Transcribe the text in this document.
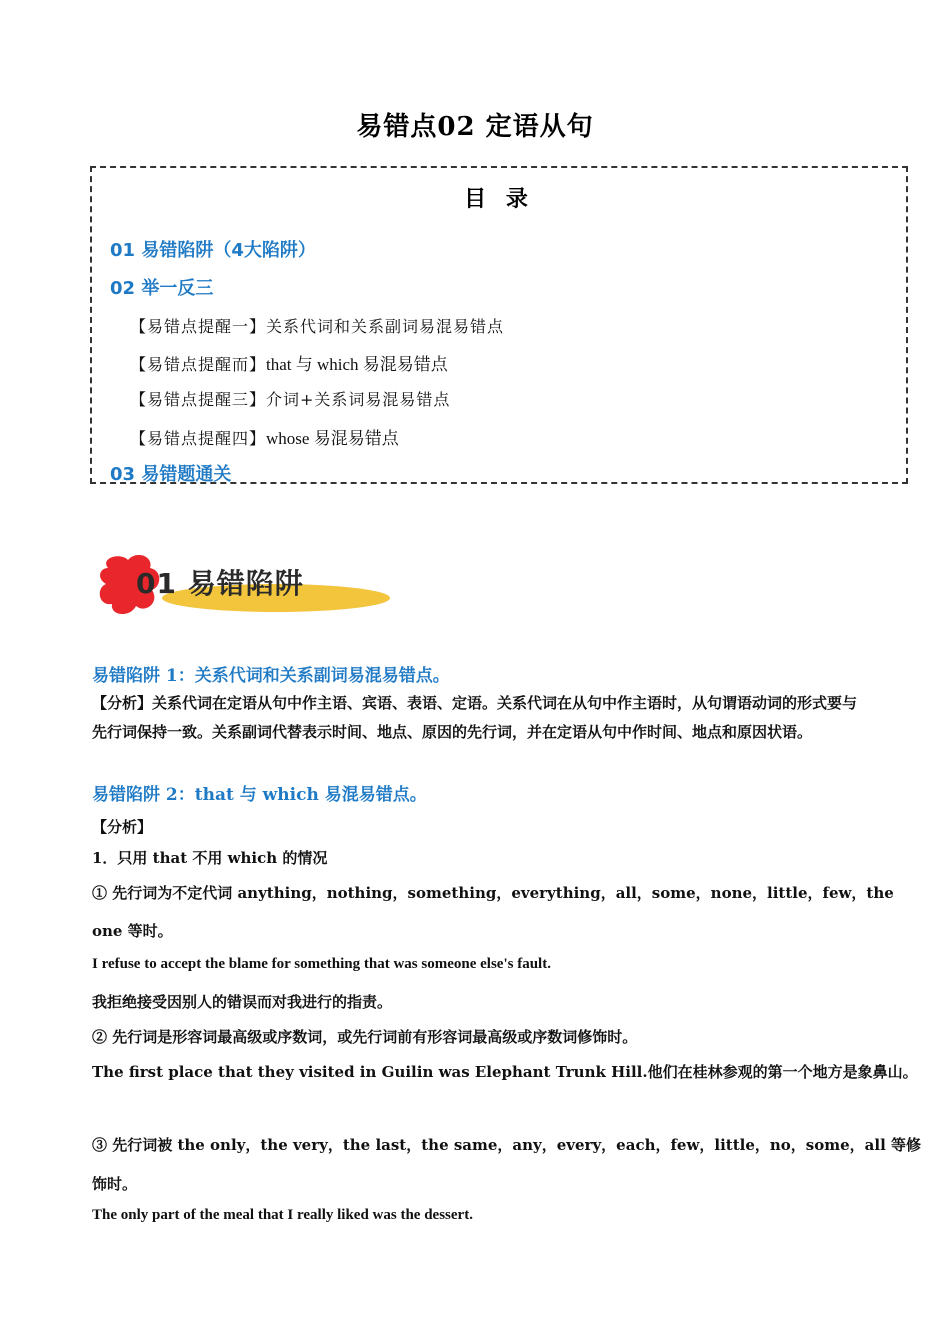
易错点02 定语从句
目 录
01 易错陷阱（4大陷阱）
02 举一反三
【易错点提醒一】关系代词和关系副词易混易错点
【易错点提醒而】that 与 which 易混易错点
【易错点提醒三】介词+关系词易混易错点
【易错点提醒四】whose 易混易错点
03 易错题通关
01 易错陷阱
易错陷阱 1：关系代词和关系副词易混易错点。
【分析】关系代词在定语从句中作主语、宾语、表语、定语。关系代词在从句中作主语时，从句谓语动词的形式要与先行词保持一致。关系副词代替表示时间、地点、原因的先行词，并在定语从句中作时间、地点和原因状语。
易错陷阱 2：that 与 which 易混易错点。
【分析】
1．只用 that 不用 which 的情况
① 先行词为不定代词 anything，nothing，something，everything，all，some，none，little，few，the
one 等时。
I refuse to accept the blame for something that was someone else's fault.
我拒绝接受因别人的错误而对我进行的指责。
② 先行词是形容词最高级或序数词，或先行词前有形容词最高级或序数词修饰时。
The first place that they visited in Guilin was Elephant Trunk Hill.他们在桂林参观的第一个地方是象鼻山。
③ 先行词被 the only，the very，the last，the same，any，every，each，few，little，no，some，all 等修
饰时。
The only part of the meal that I really liked was the dessert.
